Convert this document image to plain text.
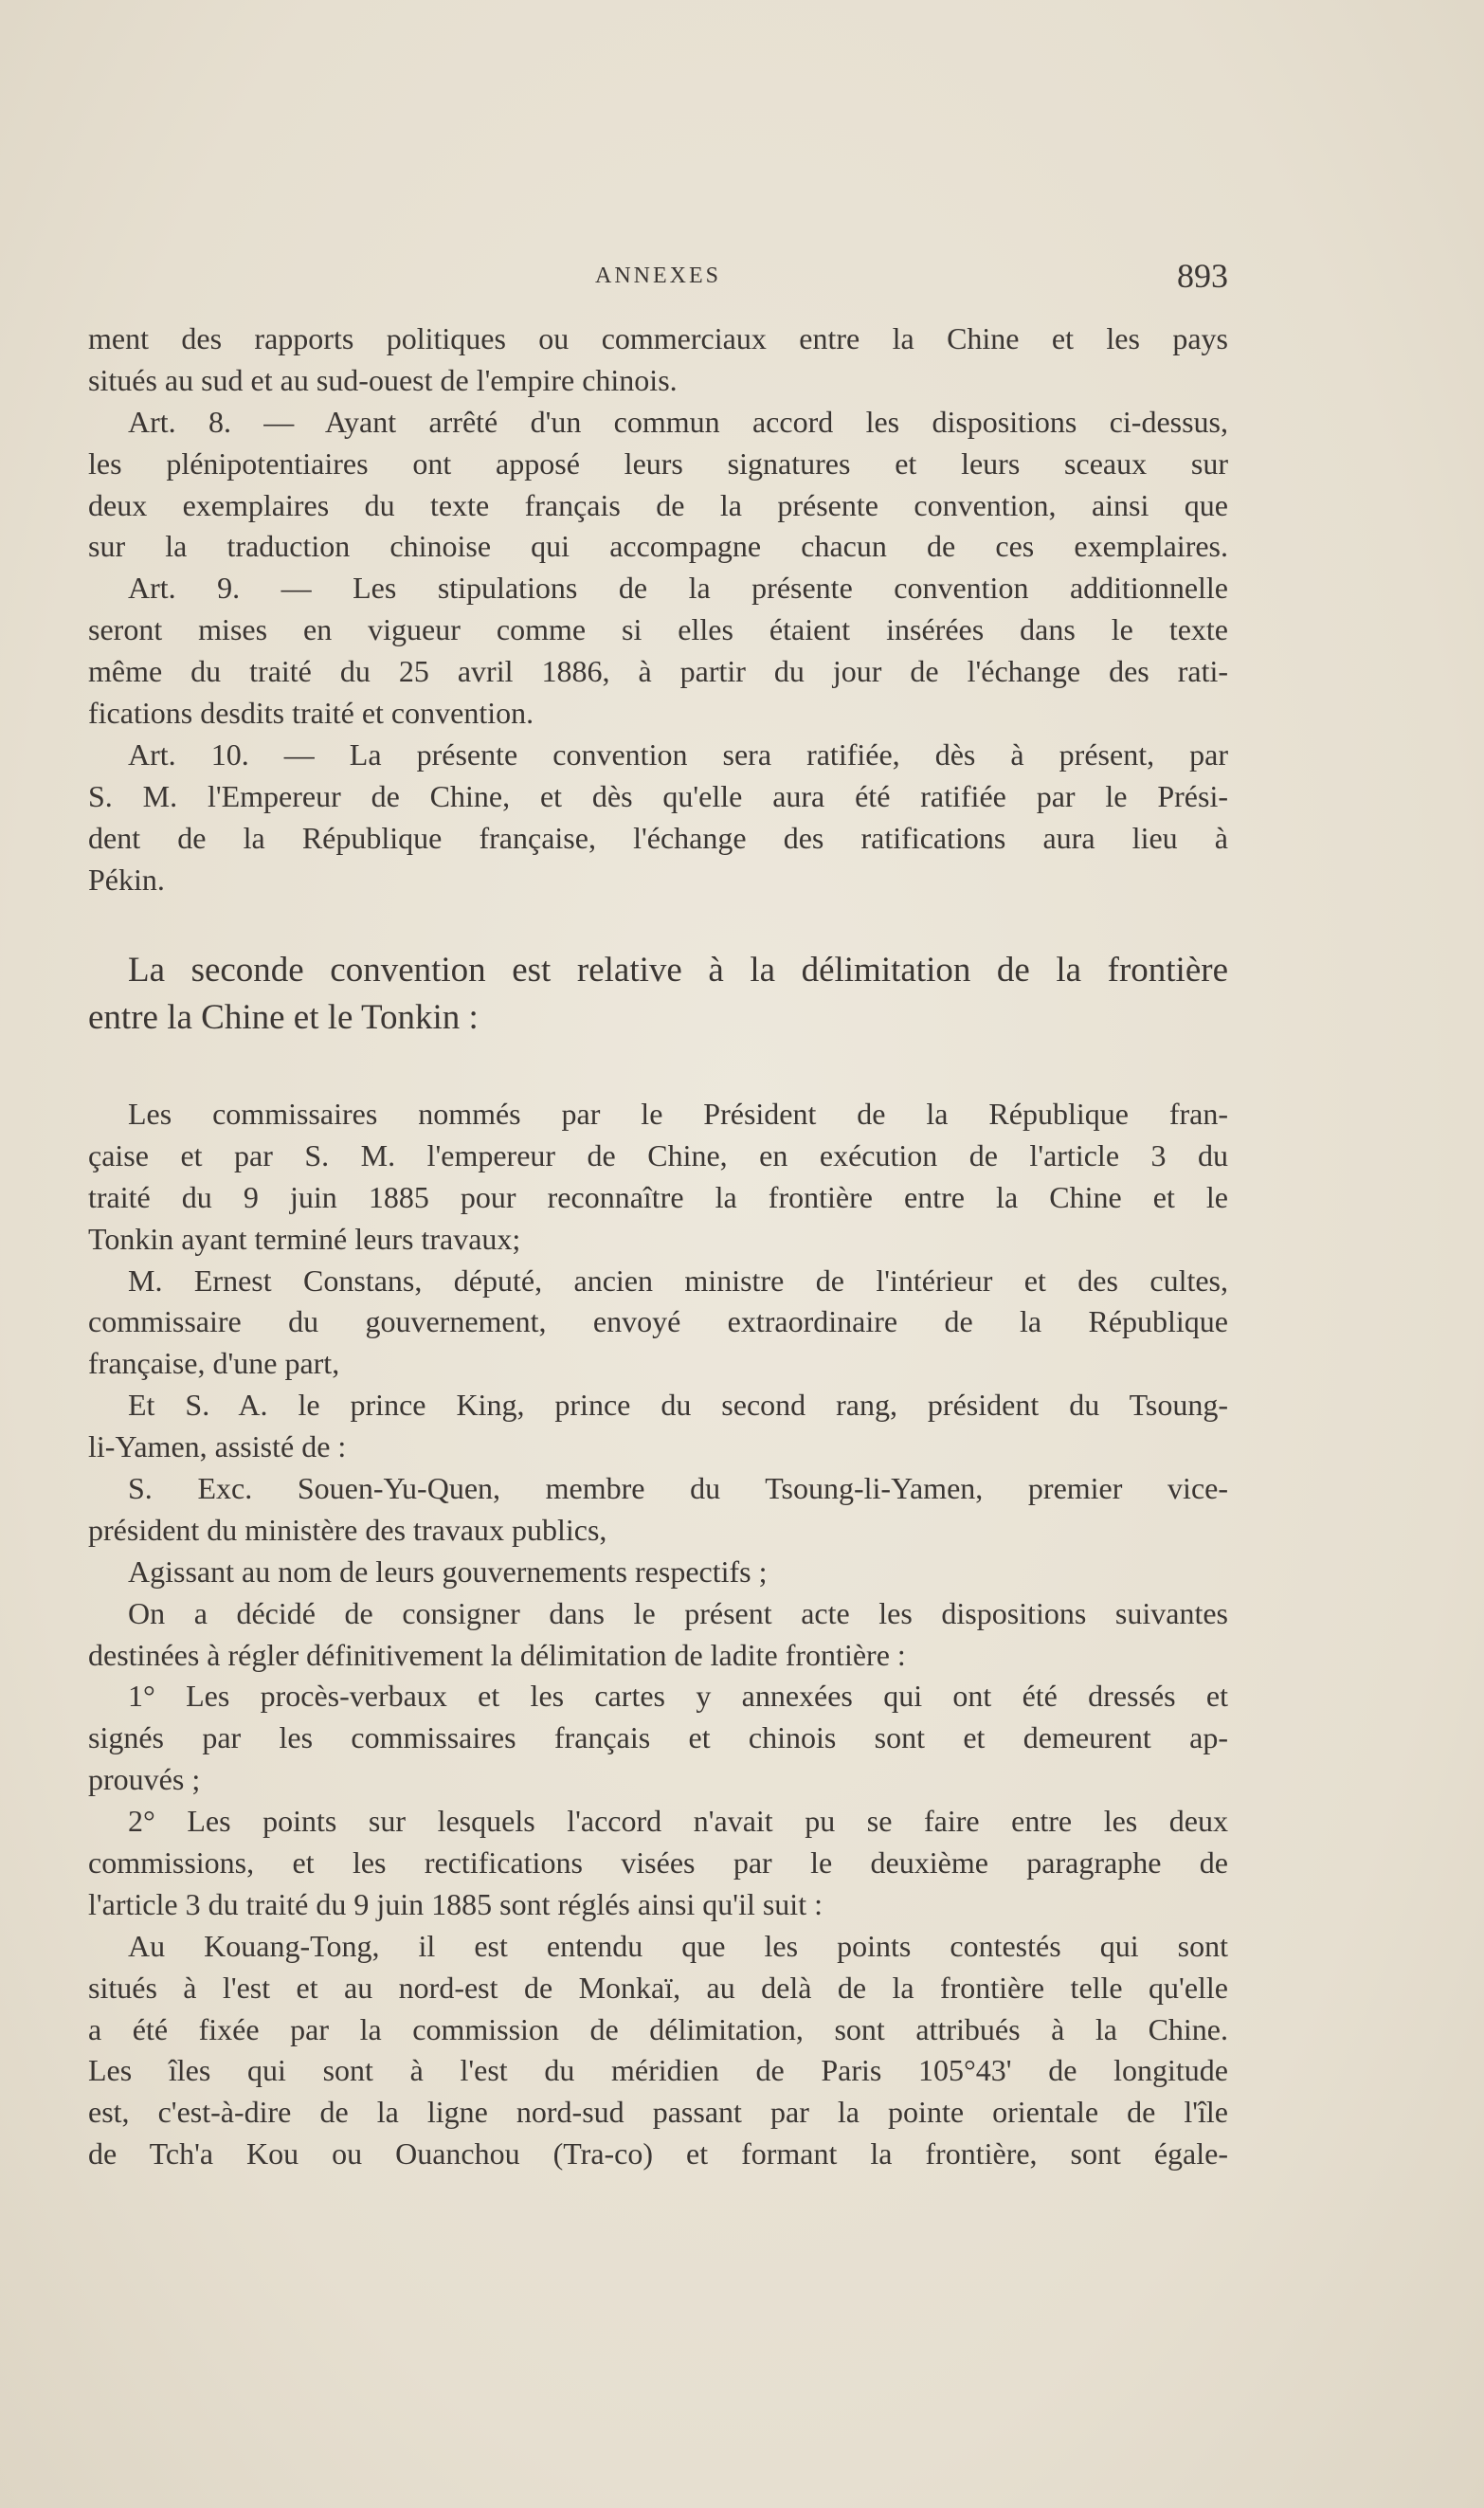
ANNEXES	893
ment des rapports politiques ou commerciaux entre la Chine et les pays
situés au sud et au sud-ouest de l'empire chinois.
Art. 8. — Ayant arrêté d'un commun accord les dispositions ci-dessus,
les plénipotentiaires ont apposé leurs signatures et leurs sceaux sur
deux exemplaires du texte français de la présente convention, ainsi que
sur la traduction chinoise qui accompagne chacun de ces exemplaires.
Art. 9. — Les stipulations de la présente convention additionnelle
seront mises en vigueur comme si elles étaient insérées dans le texte
même du traité du 25 avril 1886, à partir du jour de l'échange des rati-
fications desdits traité et convention.
Art. 10. — La présente convention sera ratifiée, dès à présent, par
S. M. l'Empereur de Chine, et dès qu'elle aura été ratifiée par le Prési-
dent de la République française, l'échange des ratifications aura lieu à
Pékin.
La seconde convention est relative à la délimitation de la frontière
entre la Chine et le Tonkin :
Les commissaires nommés par le Président de la République fran-
çaise et par S. M. l'empereur de Chine, en exécution de l'article 3 du
traité du 9 juin 1885 pour reconnaître la frontière entre la Chine et le
Tonkin ayant terminé leurs travaux;
M. Ernest Constans, député, ancien ministre de l'intérieur et des cultes,
commissaire du gouvernement, envoyé extraordinaire de la République
française, d'une part,
Et S. A. le prince King, prince du second rang, président du Tsoung-
li-Yamen, assisté de :
S. Exc. Souen-Yu-Quen, membre du Tsoung-li-Yamen, premier vice-
président du ministère des travaux publics,
Agissant au nom de leurs gouvernements respectifs ;
On a décidé de consigner dans le présent acte les dispositions suivantes
destinées à régler définitivement la délimitation de ladite frontière :
1° Les procès-verbaux et les cartes y annexées qui ont été dressés et
signés par les commissaires français et chinois sont et demeurent ap-
prouvés ;
2° Les points sur lesquels l'accord n'avait pu se faire entre les deux
commissions, et les rectifications visées par le deuxième paragraphe de
l'article 3 du traité du 9 juin 1885 sont réglés ainsi qu'il suit :
Au Kouang-Tong, il est entendu que les points contestés qui sont
situés à l'est et au nord-est de Monkaï, au delà de la frontière telle qu'elle
a été fixée par la commission de délimitation, sont attribués à la Chine.
Les îles qui sont à l'est du méridien de Paris 105°43' de longitude
est, c'est-à-dire de la ligne nord-sud passant par la pointe orientale de l'île
de Tch'a Kou ou Ouanchou (Tra-co) et formant la frontière, sont égale-
